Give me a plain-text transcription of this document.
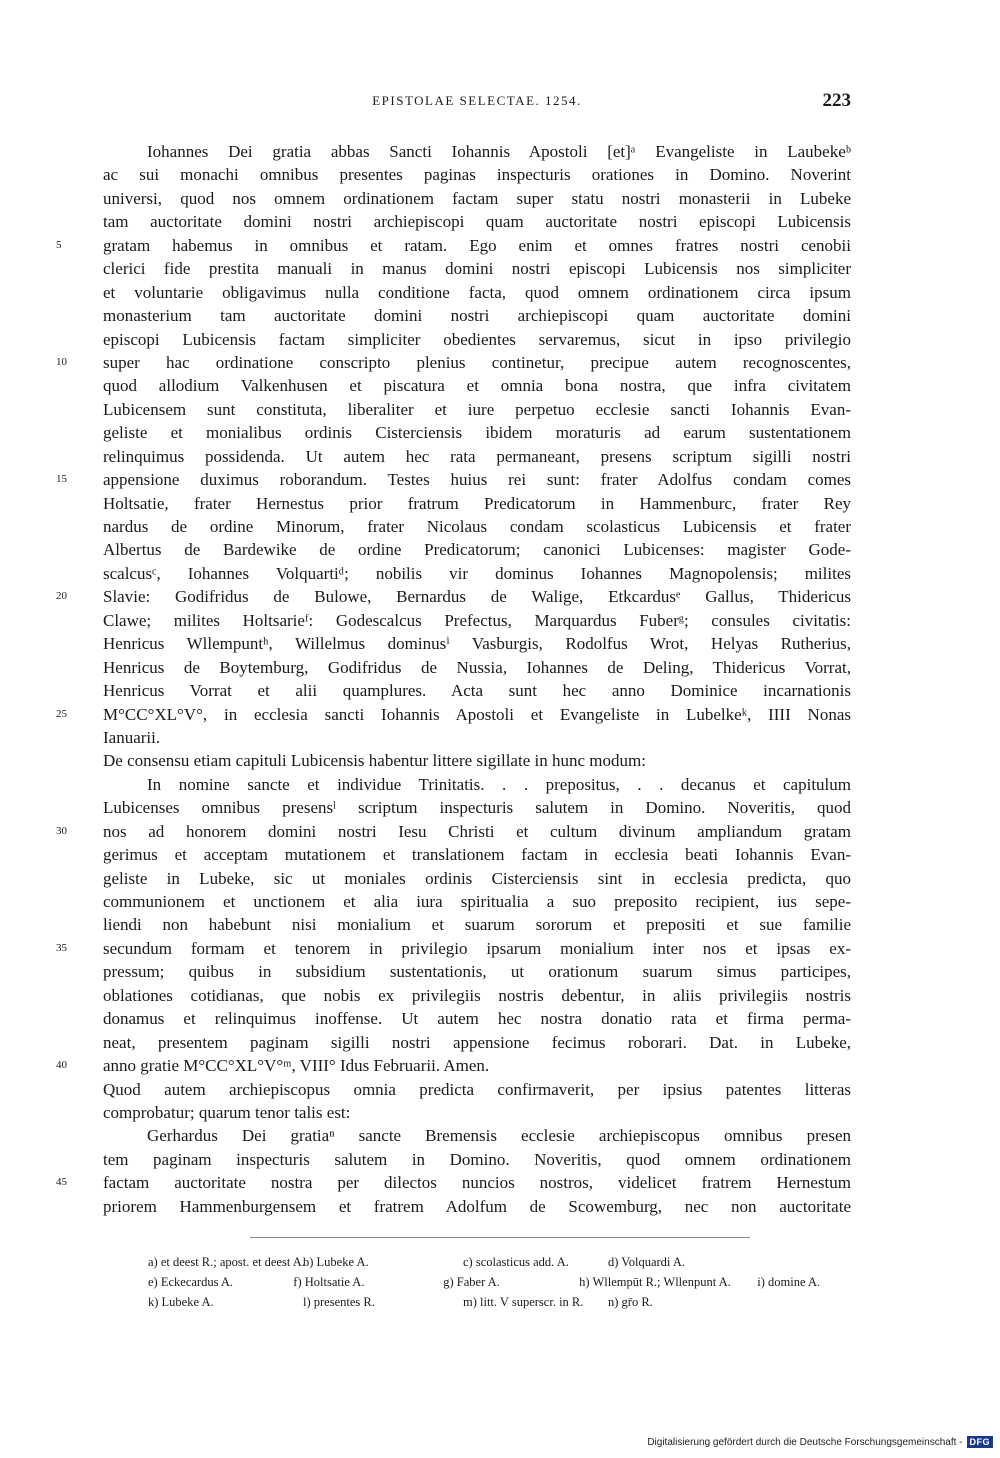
EPISTOLAE SELECTAE. 1254.	223
Iohannes Dei gratia abbas Sancti Iohannis Apostoli [et]ᵃ Evangeliste in Laubekeᵇ
ac sui monachi omnibus presentes paginas inspecturis orationes in Domino. Noverint
universi, quod nos omnem ordinationem factam super statu nostri monasterii in Lubeke
tam auctoritate domini nostri archiepiscopi quam auctoritate nostri episcopi Lubicensis
5	gratam habemus in omnibus et ratam. Ego enim et omnes fratres nostri cenobii
clerici fide prestita manuali in manus domini nostri episcopi Lubicensis nos simpliciter
et voluntarie obligavimus nulla conditione facta, quod omnem ordinationem circa ipsum
monasterium tam auctoritate domini nostri archiepiscopi quam auctoritate domini
episcopi Lubicensis factam simpliciter obedientes servaremus, sicut in ipso privilegio
10	super hac ordinatione conscripto plenius continetur, precipue autem recognoscentes,
quod allodium Valkenhusen et piscatura et omnia bona nostra, que infra civitatem
Lubicensem sunt constituta, liberaliter et iure perpetuo ecclesie sancti Iohannis Evan-
geliste et monialibus ordinis Cisterciensis ibidem moraturis ad earum sustentationem
relinquimus possidenda. Ut autem hec rata permaneant, presens scriptum sigilli nostri
15	appensione duximus roborandum. Testes huius rei sunt: frater Adolfus condam comes
Holtsatie, frater Hernestus prior fratrum Predicatorum in Hammenburc, frater Rey
nardus de ordine Minorum, frater Nicolaus condam scolasticus Lubicensis et frater
Albertus de Bardewike de ordine Predicatorum; canonici Lubicenses: magister Gode-
scalcusᶜ, Iohannes Volquartiᵈ; nobilis vir dominus Iohannes Magnopolensis; milites
20	Slavie: Godifridus de Bulowe, Bernardus de Walige, Etkcardusᵉ Gallus, Thidericus
Clawe; milites Holtsarieᶠ: Godescalcus Prefectus, Marquardus Fuberᵍ; consules civitatis:
Henricus Wllempuntʰ, Willelmus dominusⁱ Vasburgis, Rodolfus Wrot, Helyas Rutherius,
Henricus de Boytemburg, Godifridus de Nussia, Iohannes de Deling, Thidericus Vorrat,
Henricus Vorrat et alii quamplures. Acta sunt hec anno Dominice incarnationis
25	M°CC°XL°V°, in ecclesia sancti Iohannis Apostoli et Evangeliste in Lubelkeᵏ, IIII Nonas
Ianuarii.
De consensu etiam capituli Lubicensis habentur littere sigillate in hunc modum:
In nomine sancte et individue Trinitatis. . . prepositus, . . decanus et capitulum
Lubicenses omnibus presensˡ scriptum inspecturis salutem in Domino. Noveritis, quod
30	nos ad honorem domini nostri Iesu Christi et cultum divinum ampliandum gratam
gerimus et acceptam mutationem et translationem factam in ecclesia beati Iohannis Evan-
geliste in Lubeke, sic ut moniales ordinis Cisterciensis sint in ecclesia predicta, quo
communionem et unctionem et alia iura spiritualia a suo preposito recipient, ius sepe-
liendi non habebunt nisi monialium et suarum sororum et prepositi et sue familie
35	secundum formam et tenorem in privilegio ipsarum monialium inter nos et ipsas ex-
pressum; quibus in subsidium sustentationis, ut orationum suarum simus participes,
oblationes cotidianas, que nobis ex privilegiis nostris debentur, in aliis privilegiis nostris
donamus et relinquimus inoffense. Ut autem hec nostra donatio rata et firma perma-
neat, presentem paginam sigilli nostri appensione fecimus roborari. Dat. in Lubeke,
40	anno gratie M°CC°XL°V°ᵐ, VIII° Idus Februarii. Amen.
Quod autem archiepiscopus omnia predicta confirmaverit, per ipsius patentes litteras
comprobatur; quarum tenor talis est:
Gerhardus Dei gratiaⁿ sancte Bremensis ecclesie archiepiscopus omnibus presen
tem paginam inspecturis salutem in Domino. Noveritis, quod omnem ordinationem
45	factam auctoritate nostra per dilectos nuncios nostros, videlicet fratrem Hernestum
priorem Hammenburgensem et fratrem Adolfum de Scowemburg, nec non auctoritate
a) et deest R.; apost. et deest A.
b) Lubeke A.	c) scolasticus add. A.	d) Volquardi A.
e) Eckecardus A.	f) Holtsatie A.	g) Faber A.	h) Wllempūt R.; Wllenpunt A.	i) domine A.
k) Lubeke A.	l) presentes R.	m) litt. V superscr. in R.	n) gr̄o R.
Digitalisierung gefördert durch die Deutsche Forschungsgemeinschaft - DFG
